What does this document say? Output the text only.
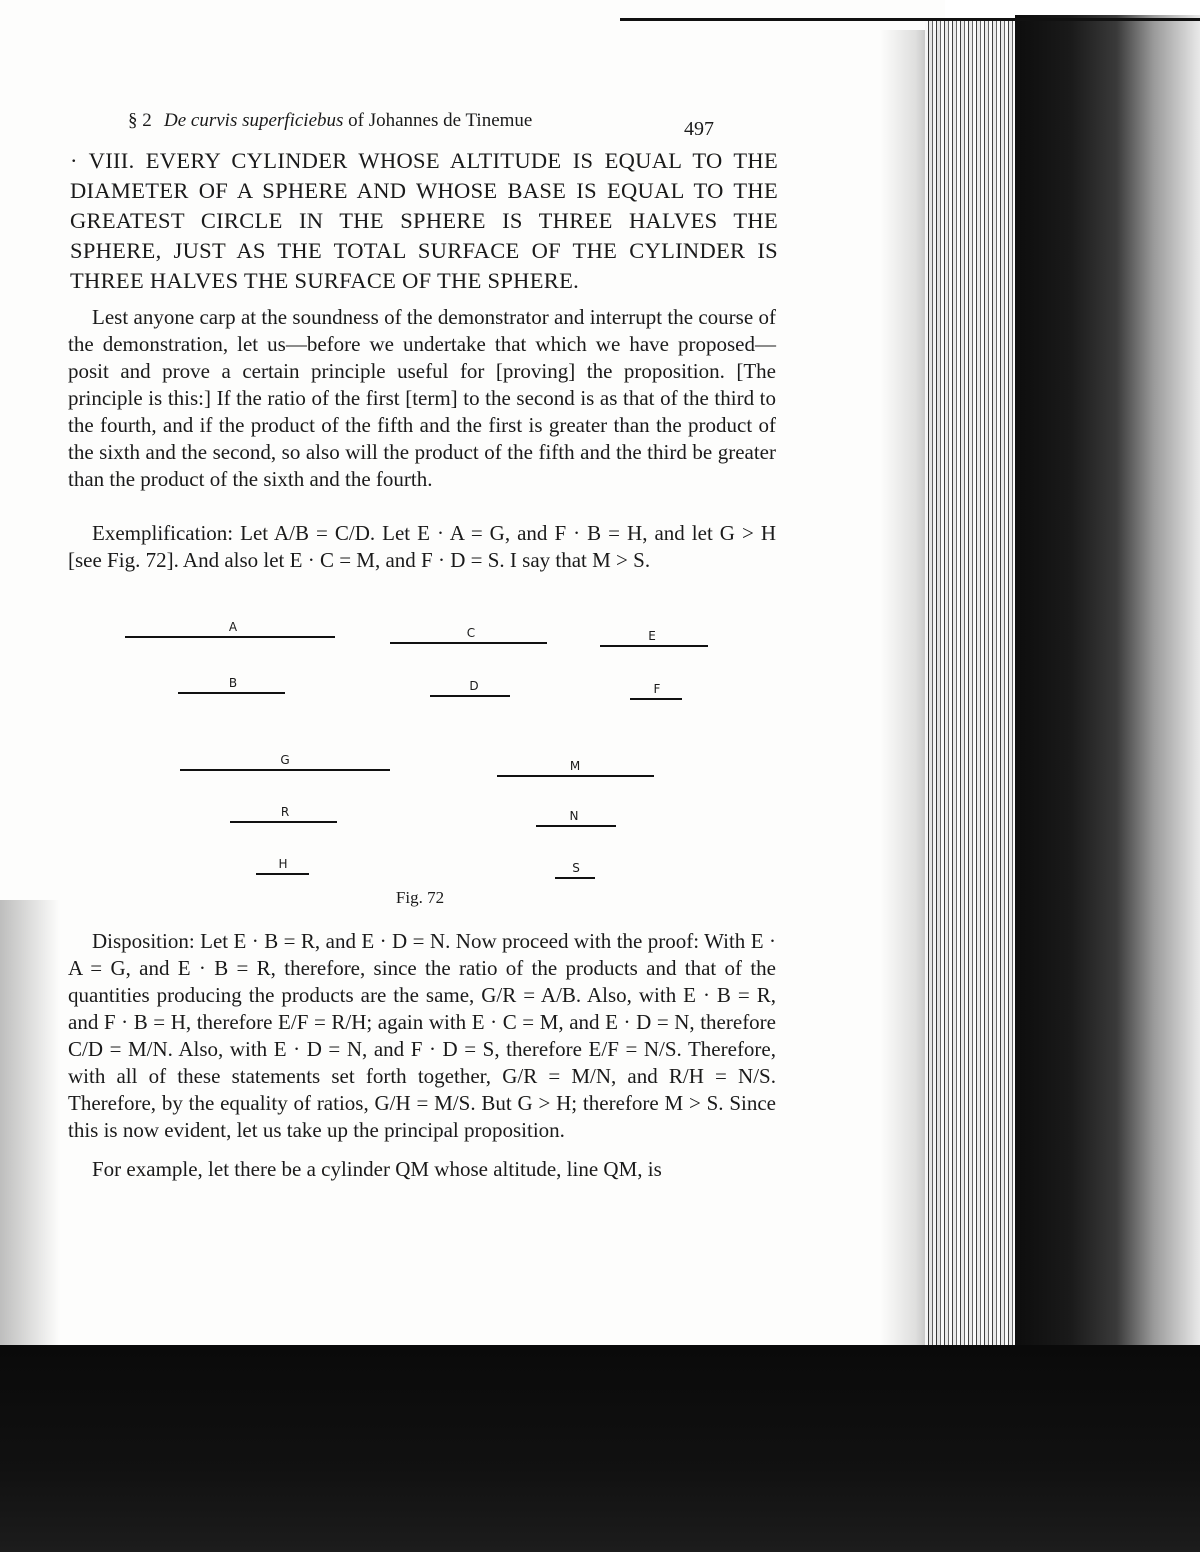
§ 2 De curvis superficiebus of Johannes de Tinemue	497
· VIII. EVERY CYLINDER WHOSE ALTITUDE IS EQUAL TO THE DIAMETER OF A SPHERE AND WHOSE BASE IS EQUAL TO THE GREATEST CIRCLE IN THE SPHERE IS THREE HALVES THE SPHERE, JUST AS THE TOTAL SURFACE OF THE CYLINDER IS THREE HALVES THE SURFACE OF THE SPHERE.
Lest anyone carp at the soundness of the demonstrator and interrupt the course of the demonstration, let us—before we undertake that which we have proposed—posit and prove a certain principle useful for [proving] the proposition. [The principle is this:] If the ratio of the first [term] to the second is as that of the third to the fourth, and if the product of the fifth and the first is greater than the product of the sixth and the second, so also will the product of the fifth and the third be greater than the product of the sixth and the fourth.
Exemplification: Let A/B = C/D. Let E · A = G, and F · B = H, and let G > H [see Fig. 72]. And also let E · C = M, and F · D = S. I say that M > S.
A	C	E
B	D	F
G	M
R	N
H	S
Fig. 72
Disposition: Let E · B = R, and E · D = N. Now proceed with the proof: With E · A = G, and E · B = R, therefore, since the ratio of the products and that of the quantities producing the products are the same, G/R = A/B. Also, with E · B = R, and F · B = H, therefore E/F = R/H; again with E · C = M, and E · D = N, therefore C/D = M/N. Also, with E · D = N, and F · D = S, therefore E/F = N/S. Therefore, with all of these statements set forth together, G/R = M/N, and R/H = N/S. Therefore, by the equality of ratios, G/H = M/S. But G > H; therefore M > S. Since this is now evident, let us take up the principal proposition.
For example, let there be a cylinder QM whose altitude, line QM, is
